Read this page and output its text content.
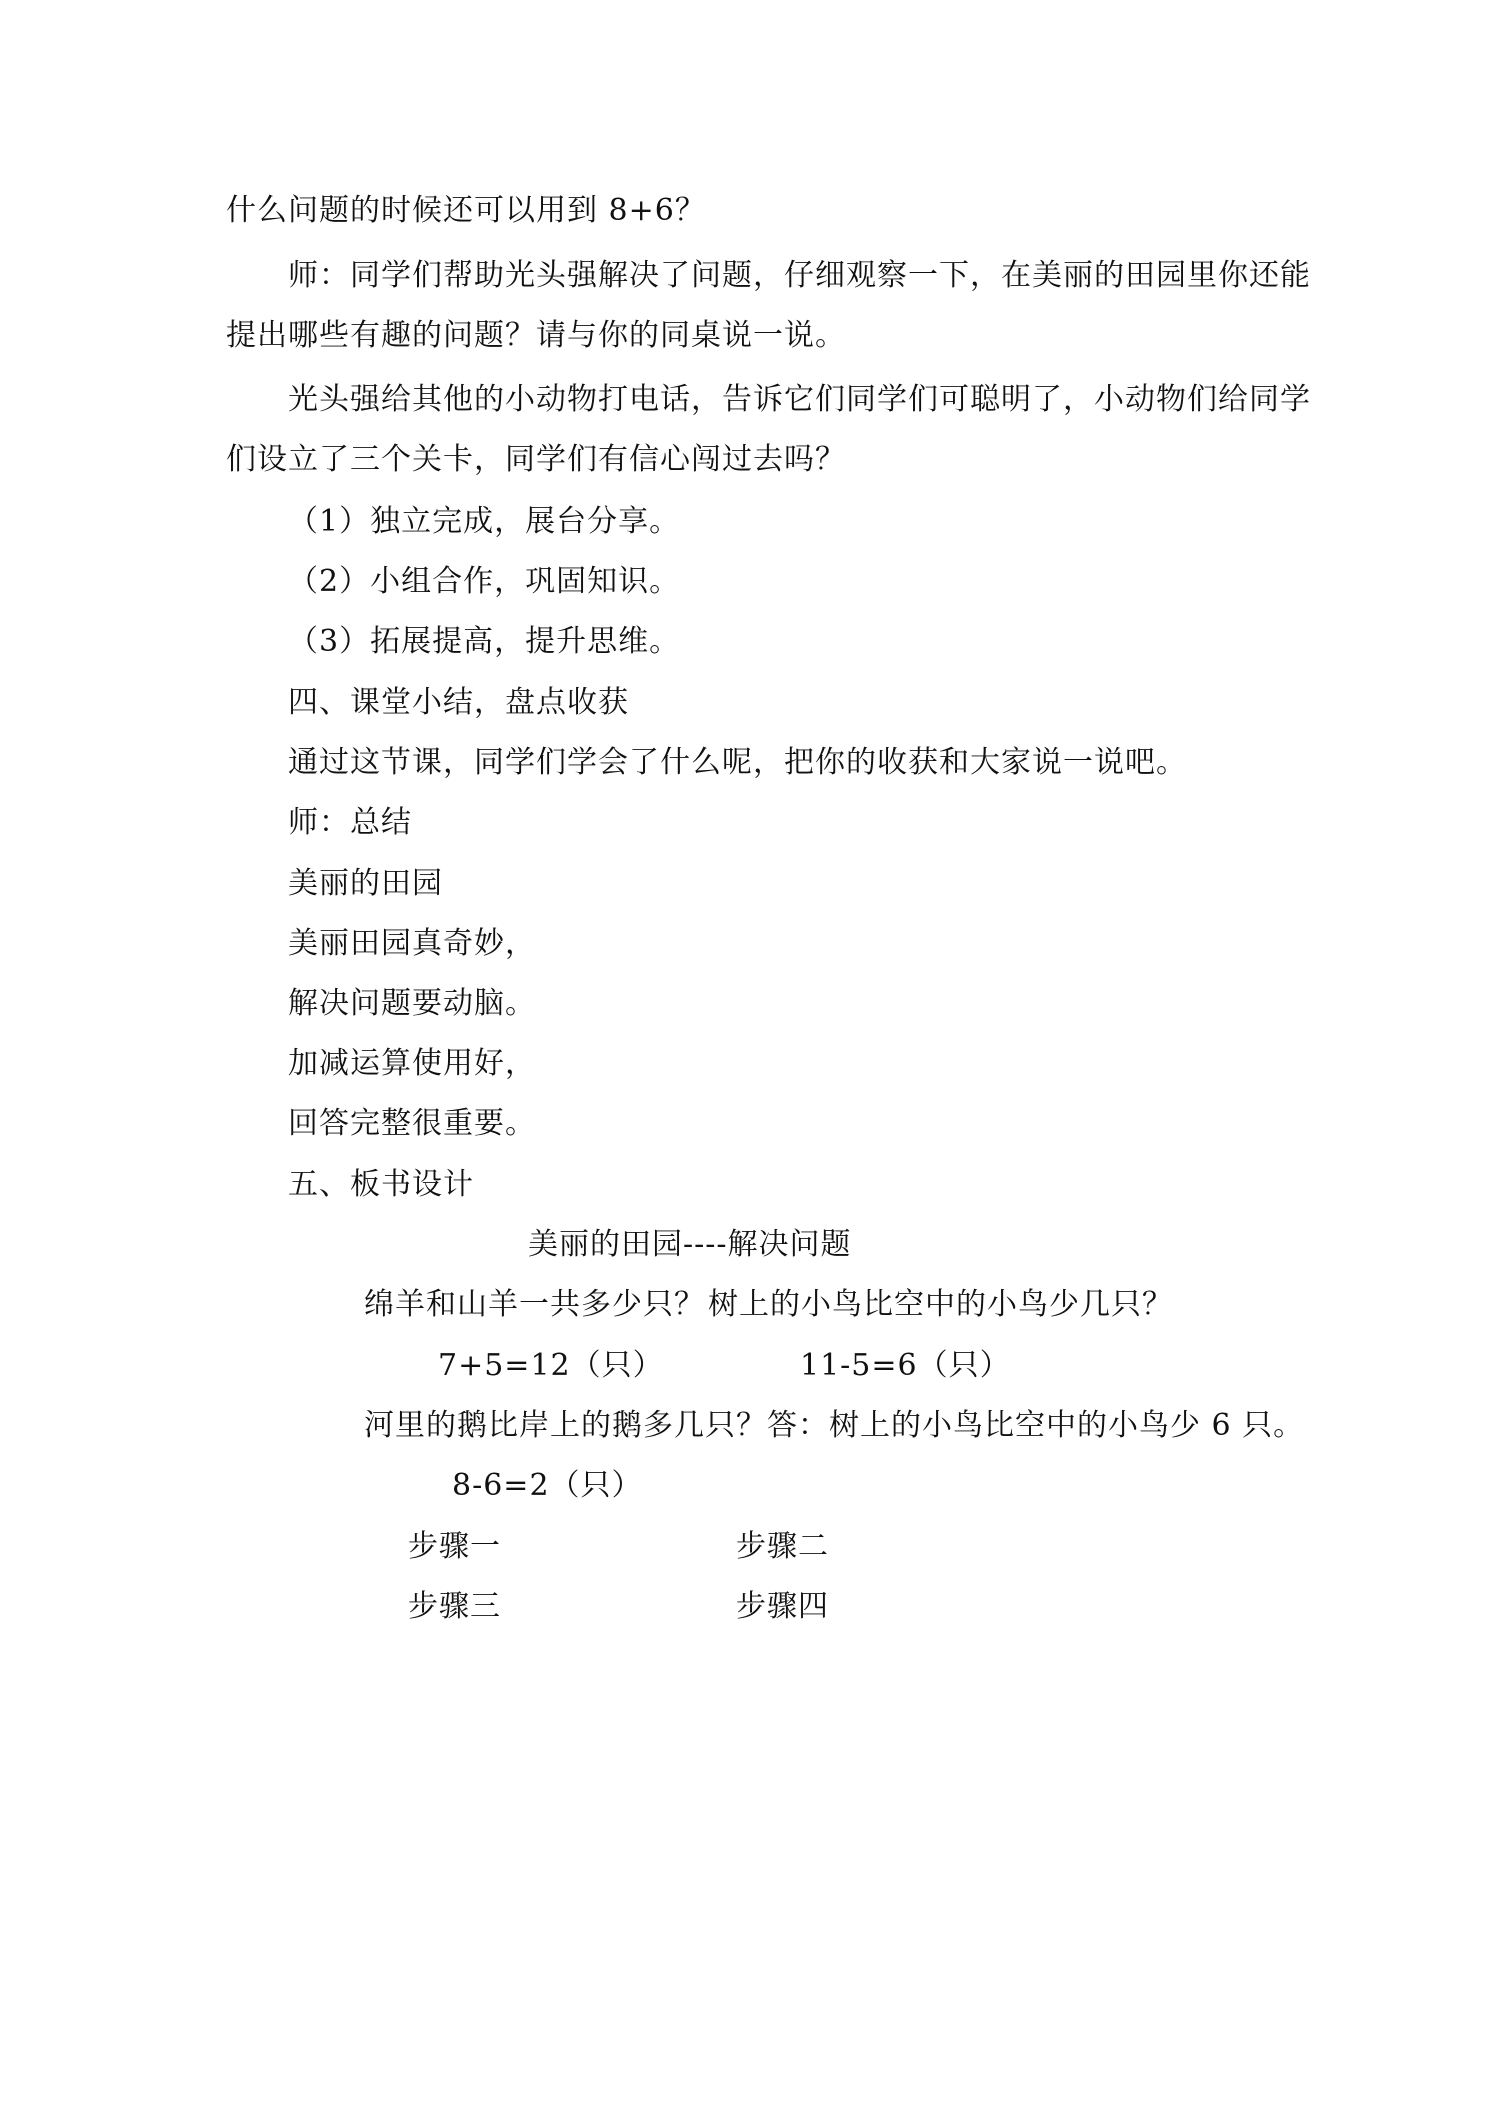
什么问题的时候还可以用到 8+6？
师：同学们帮助光头强解决了问题，仔细观察一下，在美丽的田园里你还能
提出哪些有趣的问题？请与你的同桌说一说。
光头强给其他的小动物打电话，告诉它们同学们可聪明了，小动物们给同学
们设立了三个关卡，同学们有信心闯过去吗？
（1）独立完成，展台分享。
（2）小组合作，巩固知识。
（3）拓展提高，提升思维。
四、课堂小结，盘点收获
通过这节课，同学们学会了什么呢，把你的收获和大家说一说吧。
师：总结
美丽的田园
美丽田园真奇妙，
解决问题要动脑。
加减运算使用好，
回答完整很重要。
五、板书设计
美丽的田园----解决问题
绵羊和山羊一共多少只？ 树上的小鸟比空中的小鸟少几只？
7+5=12（只）	11-5=6（只）
河里的鹅比岸上的鹅多几只？答：树上的小鸟比空中的小鸟少 6 只。
8-6=2（只）
步骤一	步骤二
步骤三	步骤四
